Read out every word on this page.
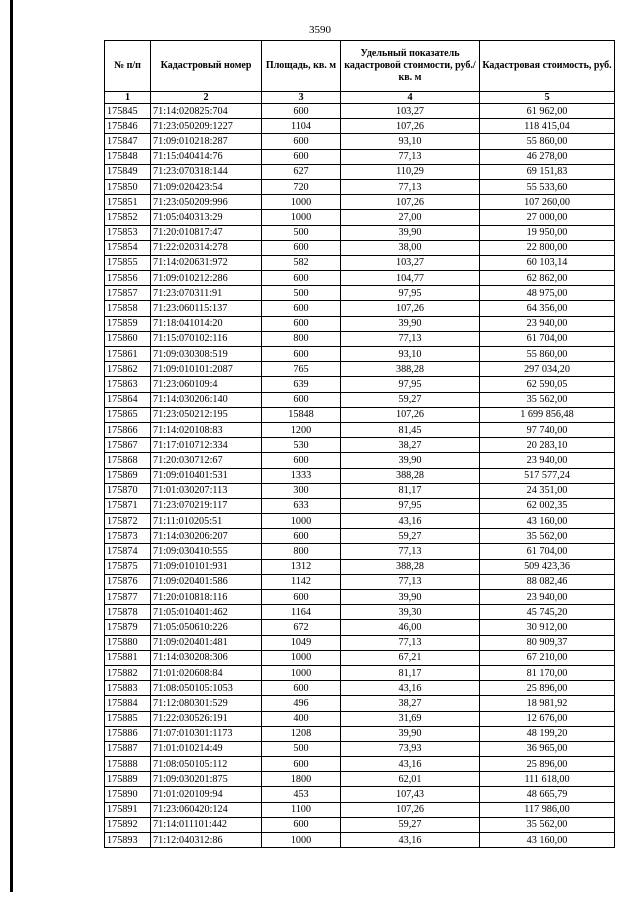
3590
№ п/п	Кадастровый номер	Площадь, кв. м	Удельный показатель кадастровой стоимости, руб./кв. м	Кадастровая стоимость, руб.
1	2	3	4	5
175845	71:14:020825:704	600	103,27	61 962,00
175846	71:23:050209:1227	1104	107,26	118 415,04
175847	71:09:010218:287	600	93,10	55 860,00
175848	71:15:040414:76	600	77,13	46 278,00
175849	71:23:070318:144	627	110,29	69 151,83
175850	71:09:020423:54	720	77,13	55 533,60
175851	71:23:050209:996	1000	107,26	107 260,00
175852	71:05:040313:29	1000	27,00	27 000,00
175853	71:20:010817:47	500	39,90	19 950,00
175854	71:22:020314:278	600	38,00	22 800,00
175855	71:14:020631:972	582	103,27	60 103,14
175856	71:09:010212:286	600	104,77	62 862,00
175857	71:23:070311:91	500	97,95	48 975,00
175858	71:23:060115:137	600	107,26	64 356,00
175859	71:18:041014:20	600	39,90	23 940,00
175860	71:15:070102:116	800	77,13	61 704,00
175861	71:09:030308:519	600	93,10	55 860,00
175862	71:09:010101:2087	765	388,28	297 034,20
175863	71:23:060109:4	639	97,95	62 590,05
175864	71:14:030206:140	600	59,27	35 562,00
175865	71:23:050212:195	15848	107,26	1 699 856,48
175866	71:14:020108:83	1200	81,45	97 740,00
175867	71:17:010712:334	530	38,27	20 283,10
175868	71:20:030712:67	600	39,90	23 940,00
175869	71:09:010401:531	1333	388,28	517 577,24
175870	71:01:030207:113	300	81,17	24 351,00
175871	71:23:070219:117	633	97,95	62 002,35
175872	71:11:010205:51	1000	43,16	43 160,00
175873	71:14:030206:207	600	59,27	35 562,00
175874	71:09:030410:555	800	77,13	61 704,00
175875	71:09:010101:931	1312	388,28	509 423,36
175876	71:09:020401:586	1142	77,13	88 082,46
175877	71:20:010818:116	600	39,90	23 940,00
175878	71:05:010401:462	1164	39,30	45 745,20
175879	71:05:050610:226	672	46,00	30 912,00
175880	71:09:020401:481	1049	77,13	80 909,37
175881	71:14:030208:306	1000	67,21	67 210,00
175882	71:01:020608:84	1000	81,17	81 170,00
175883	71:08:050105:1053	600	43,16	25 896,00
175884	71:12:080301:529	496	38,27	18 981,92
175885	71:22:030526:191	400	31,69	12 676,00
175886	71:07:010301:1173	1208	39,90	48 199,20
175887	71:01:010214:49	500	73,93	36 965,00
175888	71:08:050105:112	600	43,16	25 896,00
175889	71:09:030201:875	1800	62,01	111 618,00
175890	71:01:020109:94	453	107,43	48 665,79
175891	71:23:060420:124	1100	107,26	117 986,00
175892	71:14:011101:442	600	59,27	35 562,00
175893	71:12:040312:86	1000	43,16	43 160,00
